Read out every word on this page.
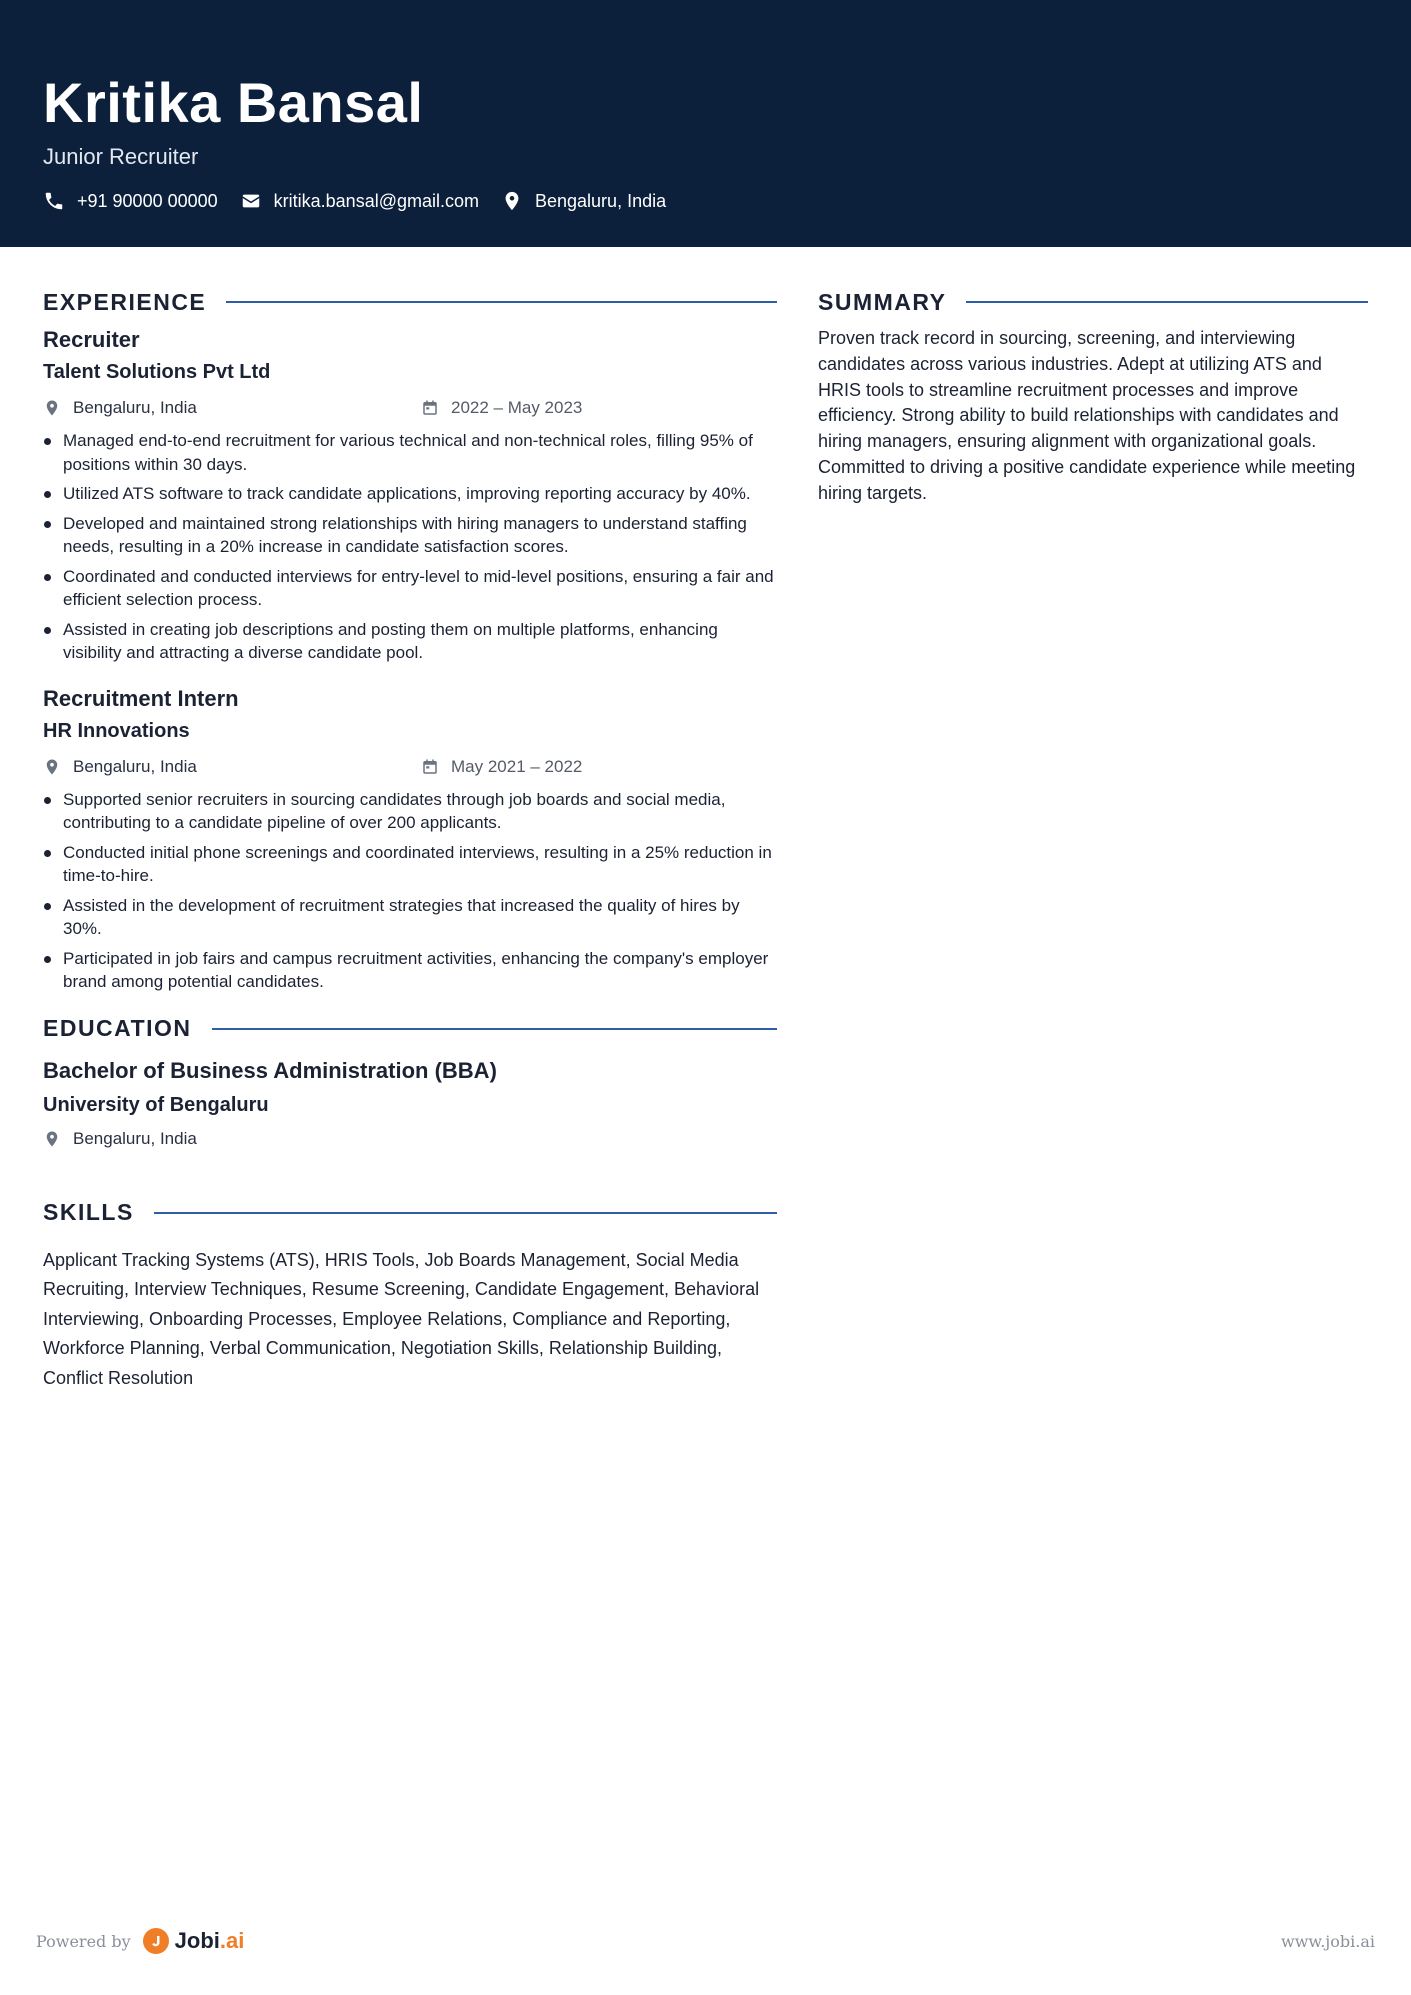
Kritika Bansal
Junior Recruiter
+91 90000 00000	kritika.bansal@gmail.com	Bengaluru, India
EXPERIENCE
Recruiter
Talent Solutions Pvt Ltd
Bengaluru, India	2022 – May 2023
Managed end-to-end recruitment for various technical and non-technical roles, filling 95% of positions within 30 days.
Utilized ATS software to track candidate applications, improving reporting accuracy by 40%.
Developed and maintained strong relationships with hiring managers to understand staffing needs, resulting in a 20% increase in candidate satisfaction scores.
Coordinated and conducted interviews for entry-level to mid-level positions, ensuring a fair and efficient selection process.
Assisted in creating job descriptions and posting them on multiple platforms, enhancing visibility and attracting a diverse candidate pool.
Recruitment Intern
HR Innovations
Bengaluru, India	May 2021 – 2022
Supported senior recruiters in sourcing candidates through job boards and social media, contributing to a candidate pipeline of over 200 applicants.
Conducted initial phone screenings and coordinated interviews, resulting in a 25% reduction in time-to-hire.
Assisted in the development of recruitment strategies that increased the quality of hires by 30%.
Participated in job fairs and campus recruitment activities, enhancing the company's employer brand among potential candidates.
EDUCATION
Bachelor of Business Administration (BBA)
University of Bengaluru
Bengaluru, India
SKILLS
Applicant Tracking Systems (ATS), HRIS Tools, Job Boards Management, Social Media Recruiting, Interview Techniques, Resume Screening, Candidate Engagement, Behavioral Interviewing, Onboarding Processes, Employee Relations, Compliance and Reporting, Workforce Planning, Verbal Communication, Negotiation Skills, Relationship Building, Conflict Resolution
SUMMARY
Proven track record in sourcing, screening, and interviewing candidates across various industries. Adept at utilizing ATS and HRIS tools to streamline recruitment processes and improve efficiency. Strong ability to build relationships with candidates and hiring managers, ensuring alignment with organizational goals. Committed to driving a positive candidate experience while meeting hiring targets.
Powered by Jobi.ai	www.jobi.ai
